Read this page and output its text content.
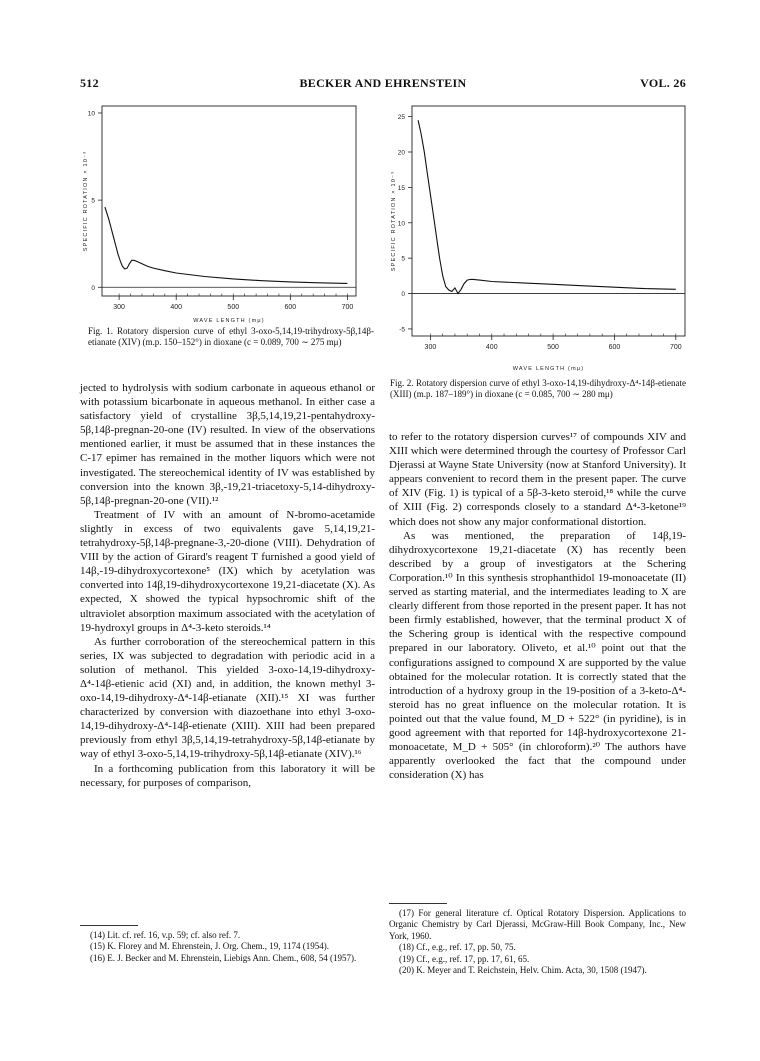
512	BECKER AND EHRENSTEIN	VOL. 26
300	400	500	600	700
0
5
10
WAVE LENGTH (mμ)
SPECIFIC ROTATION × 10⁻³
Fig. 1. Rotatory dispersion curve of ethyl 3-oxo-5,14,19-trihydroxy-5β,14β-etianate (XIV) (m.p. 150–152°) in dioxane (c = 0.089, 700 ∼ 275 mμ)
300	400	500	600	700
-5
0
5
10
15
20
25
WAVE LENGTH (mμ)
SPECIFIC ROTATION × 10⁻³
Fig. 2. Rotatory dispersion curve of ethyl 3-oxo-14,19-dihydroxy-Δ⁴-14β-etienate (XIII) (m.p. 187–189°) in dioxane (c = 0.085, 700 ∼ 280 mμ)

jected to hydrolysis with sodium carbonate in aqueous ethanol or with potassium bicarbonate in aqueous methanol. In either case a satisfactory yield of crystalline 3β,5,14,19,21-pentahydroxy-5β,14β-pregnan-20-one (IV) resulted. In view of the observations mentioned earlier, it must be assumed that in these instances the C-17 epimer has remained in the mother liquors which were not investigated. The stereochemical identity of IV was established by conversion into the known 3β,-19,21-triacetoxy-5,14-dihydroxy-5β,14β-pregnan-20-one (VII).¹²

Treatment of IV with an amount of N-bromo-acetamide slightly in excess of two equivalents gave 5,14,19,21-tetrahydroxy-5β,14β-pregnane-3,-20-dione (VIII). Dehydration of VIII by the action of Girard's reagent T furnished a good yield of 14β,-19-dihydroxycortexone⁵ (IX) which by acetylation was converted into 14β,19-dihydroxycortexone 19,21-diacetate (X). As expected, X showed the typical hypsochromic shift of the ultraviolet absorption maximum associated with the acetylation of 19-hydroxyl groups in Δ⁴-3-keto steroids.¹⁴

As further corroboration of the stereochemical pattern in this series, IX was subjected to degradation with periodic acid in a solution of methanol. This yielded 3-oxo-14,19-dihydroxy-Δ⁴-14β-etienic acid (XI) and, in addition, the known methyl 3-oxo-14,19-dihydroxy-Δ⁴-14β-etianate (XII).¹⁵ XI was further characterized by conversion with diazoethane into ethyl 3-oxo-14,19-dihydroxy-Δ⁴-14β-etienate (XIII). XIII had been prepared previously from ethyl 3β,5,14,19-tetrahydroxy-5β,14β-etianate by way of ethyl 3-oxo-5,14,19-trihydroxy-5β,14β-etianate (XIV).¹⁶

In a forthcoming publication from this laboratory it will be necessary, for purposes of comparison,

to refer to the rotatory dispersion curves¹⁷ of compounds XIV and XIII which were determined through the courtesy of Professor Carl Djerassi at Wayne State University (now at Stanford University). It appears convenient to record them in the present paper. The curve of XIV (Fig. 1) is typical of a 5β-3-keto steroid,¹⁸ while the curve of XIII (Fig. 2) corresponds closely to a standard Δ⁴-3-ketone¹⁹ which does not show any major conformational distortion.

As was mentioned, the preparation of 14β,19-dihydroxycortexone 19,21-diacetate (X) has recently been described by a group of investigators at the Schering Corporation.¹⁰ In this synthesis strophanthidol 19-monoacetate (II) served as starting material, and the intermediates leading to X are clearly different from those reported in the present paper. It has not been firmly established, however, that the terminal product X of the Schering group is identical with the respective compound prepared in our laboratory. Oliveto, et al.¹⁰ point out that the configurations assigned to compound X are supported by the value obtained for the molecular rotation. It is correctly stated that the introduction of a hydroxy group in the 19-position of a 3-keto-Δ⁴-steroid has no great influence on the molecular rotation. It is pointed out that the value found, M_D + 522° (in pyridine), is in good agreement with that reported for 14β-hydroxycortexone 21-monoacetate, M_D + 505° (in chloroform).²⁰ The authors have apparently overlooked the fact that the compound under consideration (X) has

(14) Lit. cf. ref. 16, v.p. 59; cf. also ref. 7.
(15) K. Florey and M. Ehrenstein, J. Org. Chem., 19, 1174 (1954).
(16) E. J. Becker and M. Ehrenstein, Liebigs Ann. Chem., 608, 54 (1957).
(17) For general literature cf. Optical Rotatory Dispersion. Applications to Organic Chemistry by Carl Djerassi, McGraw-Hill Book Company, Inc., New York, 1960.
(18) Cf., e.g., ref. 17, pp. 50, 75.
(19) Cf., e.g., ref. 17, pp. 17, 61, 65.
(20) K. Meyer and T. Reichstein, Helv. Chim. Acta, 30, 1508 (1947).
